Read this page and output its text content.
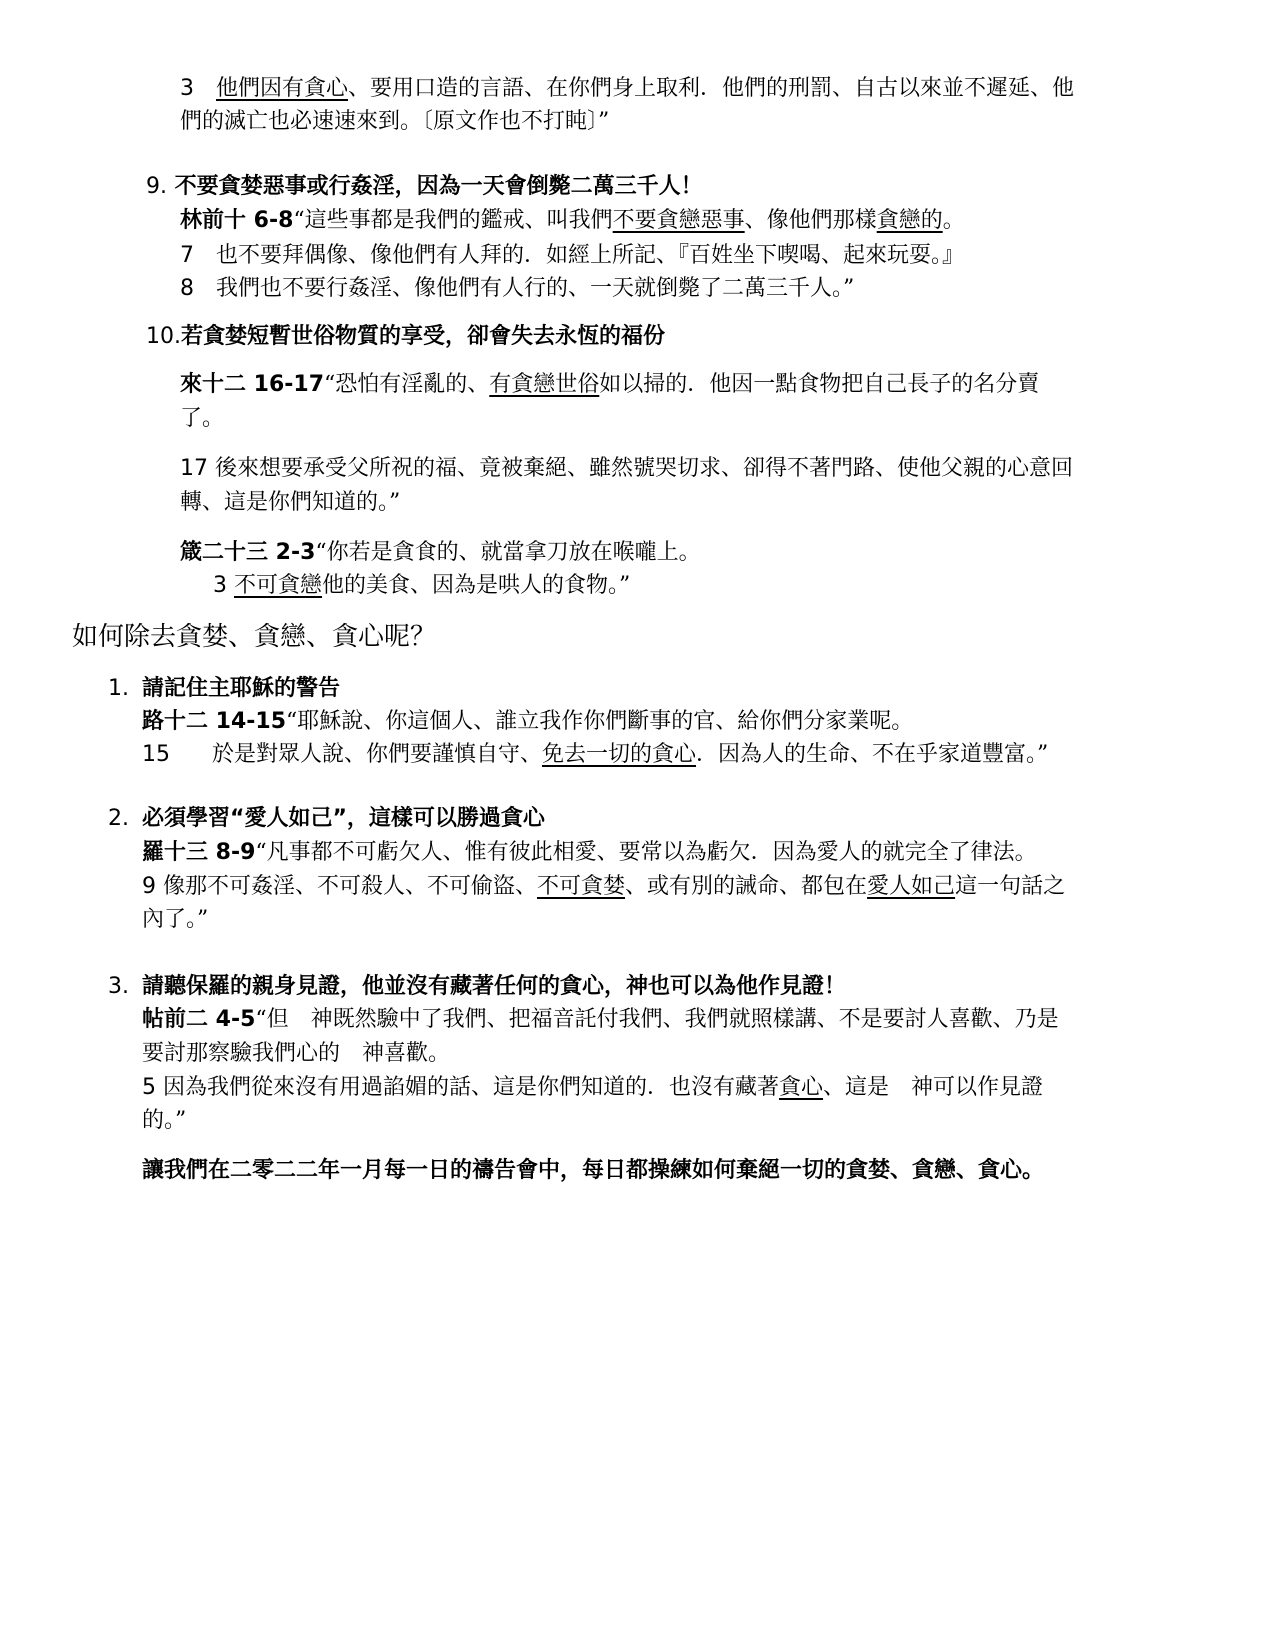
3 他們因有貪心、要用口造的言語、在你們身上取利．他們的刑罰、自古以來並不遲延、他

們的滅亡也必速速來到。〔原文作也不打盹〕”

9. 不要貪婪惡事或行姦淫，因為一天會倒斃二萬三千人！

林前十 6-8“這些事都是我們的鑑戒、叫我們不要貪戀惡事、像他們那樣貪戀的。

7 也不要拜偶像、像他們有人拜的．如經上所記、『百姓坐下喫喝、起來玩耍。』

8 我們也不要行姦淫、像他們有人行的、一天就倒斃了二萬三千人。”

10.若貪婪短暫世俗物質的享受，卻會失去永恆的福份

來十二 16-17“恐怕有淫亂的、有貪戀世俗如以掃的．他因一點食物把自己長子的名分賣

了。

17 後來想要承受父所祝的福、竟被棄絕、雖然號哭切求、卻得不著門路、使他父親的心意回

轉、這是你們知道的。”

箴二十三 2-3“你若是貪食的、就當拿刀放在喉嚨上。

3 不可貪戀他的美食、因為是哄人的食物。”

如何除去貪婪、貪戀、貪心呢？

1. 請記住主耶穌的警告

路十二 14-15“耶穌說、你這個人、誰立我作你們斷事的官、給你們分家業呢。

15 於是對眾人說、你們要謹慎自守、免去一切的貪心．因為人的生命、不在乎家道豐富。”

2. 必須學習“愛人如己”，這樣可以勝過貪心

羅十三 8-9“凡事都不可虧欠人、惟有彼此相愛、要常以為虧欠．因為愛人的就完全了律法。

9 像那不可姦淫、不可殺人、不可偷盜、不可貪婪、或有別的誡命、都包在愛人如己這一句話之

內了。”

3. 請聽保羅的親身見證，他並沒有藏著任何的貪心，神也可以為他作見證！

帖前二 4-5“但　神既然驗中了我們、把福音託付我們、我們就照樣講、不是要討人喜歡、乃是

要討那察驗我們心的　神喜歡。

5 因為我們從來沒有用過諂媚的話、這是你們知道的．也沒有藏著貪心、這是　神可以作見證

的。”

讓我們在二零二二年一月每一日的禱告會中，每日都操練如何棄絕一切的貪婪、貪戀、貪心。
